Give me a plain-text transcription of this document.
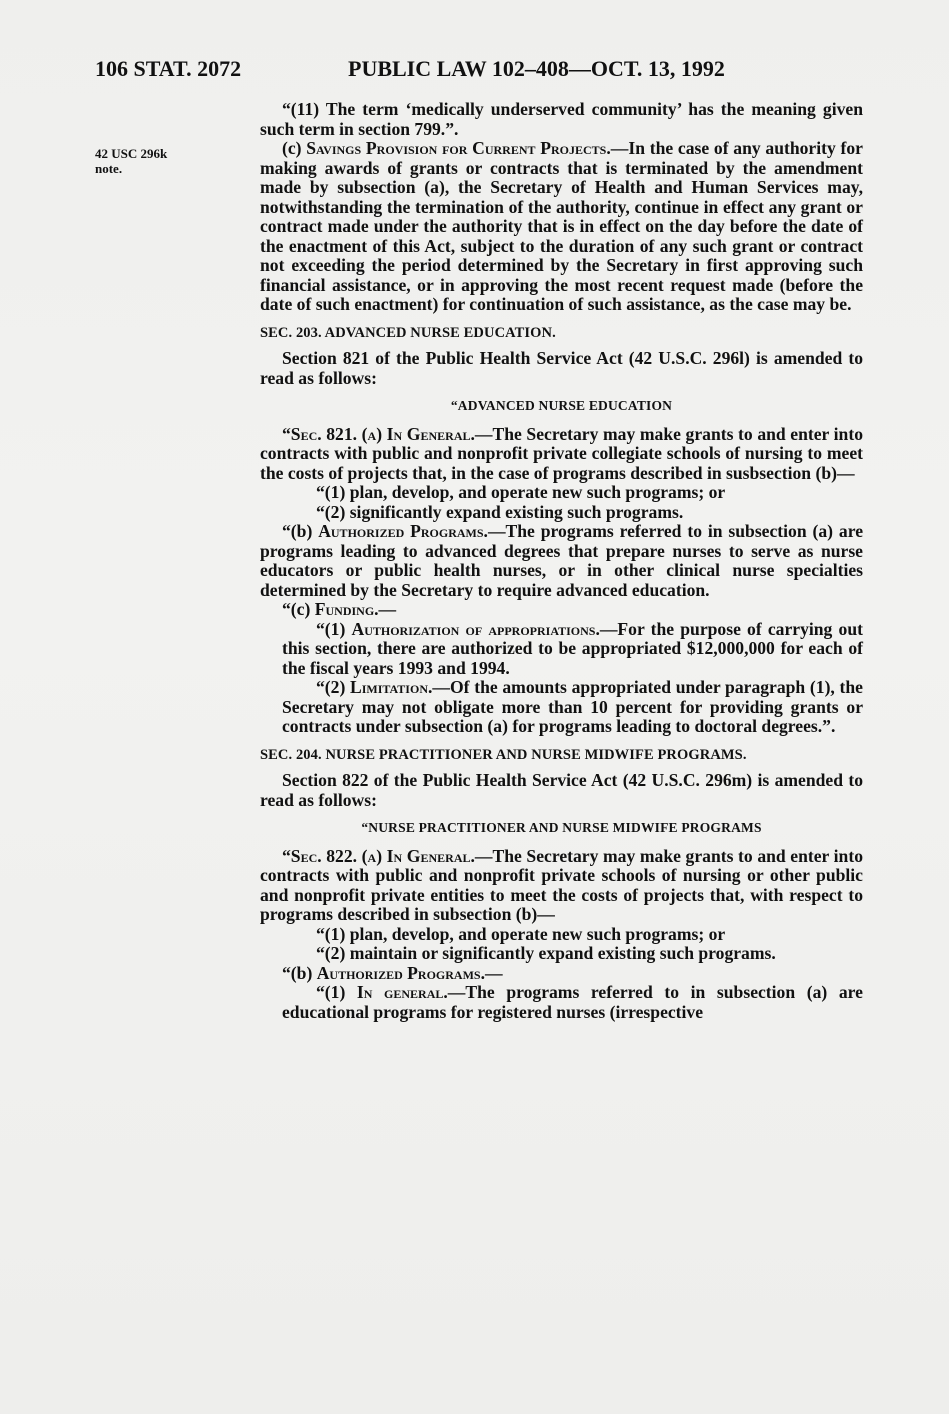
106 STAT. 2072	PUBLIC LAW 102–408—OCT. 13, 1992
42 USC 296k
note.

“(11) The term ‘medically underserved community’ has the meaning given such term in section 799.”.

(c) Savings Provision for Current Projects.—In the case of any authority for making awards of grants or contracts that is terminated by the amendment made by subsection (a), the Secretary of Health and Human Services may, notwithstanding the termination of the authority, continue in effect any grant or contract made under the authority that is in effect on the day before the date of the enactment of this Act, subject to the duration of any such grant or contract not exceeding the period determined by the Secretary in first approving such financial assistance, or in approving the most recent request made (before the date of such enactment) for continuation of such assistance, as the case may be.

SEC. 203. ADVANCED NURSE EDUCATION.

Section 821 of the Public Health Service Act (42 U.S.C. 296l) is amended to read as follows:

“ADVANCED NURSE EDUCATION

“Sec. 821. (a) In General.—The Secretary may make grants to and enter into contracts with public and nonprofit private collegiate schools of nursing to meet the costs of projects that, in the case of programs described in susbsection (b)—

“(1) plan, develop, and operate new such programs; or

“(2) significantly expand existing such programs.

“(b) Authorized Programs.—The programs referred to in subsection (a) are programs leading to advanced degrees that prepare nurses to serve as nurse educators or public health nurses, or in other clinical nurse specialties determined by the Secretary to require advanced education.

“(c) Funding.—

“(1) Authorization of appropriations.—For the purpose of carrying out this section, there are authorized to be appropriated $12,000,000 for each of the fiscal years 1993 and 1994.

“(2) Limitation.—Of the amounts appropriated under paragraph (1), the Secretary may not obligate more than 10 percent for providing grants or contracts under subsection (a) for programs leading to doctoral degrees.”.

SEC. 204. NURSE PRACTITIONER AND NURSE MIDWIFE PROGRAMS.

Section 822 of the Public Health Service Act (42 U.S.C. 296m) is amended to read as follows:

“NURSE PRACTITIONER AND NURSE MIDWIFE PROGRAMS

“Sec. 822. (a) In General.—The Secretary may make grants to and enter into contracts with public and nonprofit private schools of nursing or other public and nonprofit private entities to meet the costs of projects that, with respect to programs described in subsection (b)—

“(1) plan, develop, and operate new such programs; or

“(2) maintain or significantly expand existing such programs.

“(b) Authorized Programs.—

“(1) In general.—The programs referred to in subsection (a) are educational programs for registered nurses (irrespective
